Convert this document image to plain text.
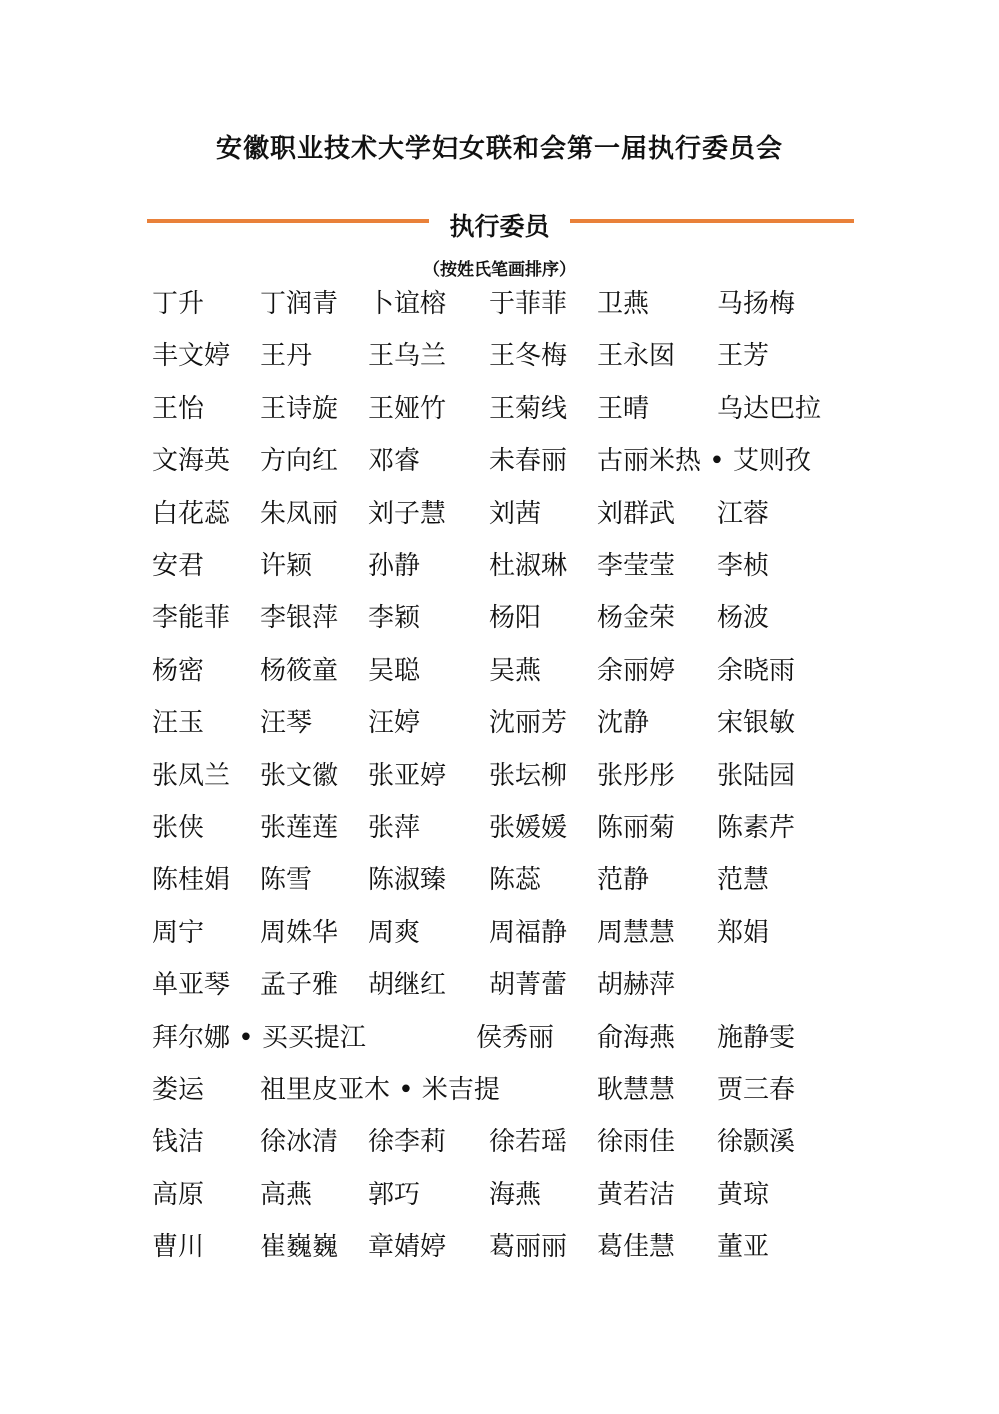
安徽职业技术大学妇女联和会第一届执行委员会
执行委员
（按姓氏笔画排序）
丁升 丁润青 卜谊榕 于菲菲 卫燕	马扬梅
丰文婷 王丹 王乌兰 王冬梅 王永囡 王芳
王怡 王诗旋 王娅竹 王菊线 王晴	乌达巴拉
文海英 方向红 邓睿	未春丽 古丽米热 • 艾则孜
白花蕊 朱凤丽 刘子慧 刘茜 刘群武 江蓉
安君 许颖 孙静	杜淑琳 李莹莹 李桢
李能菲 李银萍 李颖	杨阳 杨金荣 杨波
杨密 杨筱童 吴聪	吴燕 余丽婷 余晓雨
汪玉 汪琴 汪婷	沈丽芳 沈静	宋银敏
张凤兰 张文徽 张亚婷 张坛柳 张彤彤 张陆园
张侠 张莲莲 张萍	张媛媛 陈丽菊 陈素芹
陈桂娟 陈雪 陈淑臻 陈蕊 范静	范慧
周宁 周姝华 周爽	周福静 周慧慧 郑娟
单亚琴 孟子雅 胡继红 胡菁蕾 胡赫萍
拜尔娜 • 买买提江	侯秀丽 俞海燕 施静雯
娄运 祖里皮亚木 • 米吉提	耿慧慧 贾三春
钱洁 徐冰清 徐李莉 徐若瑶 徐雨佳 徐颢溪
高原 高燕 郭巧	海燕 黄若洁 黄琼
曹川 崔巍巍 章婧婷 葛丽丽 葛佳慧 董亚
